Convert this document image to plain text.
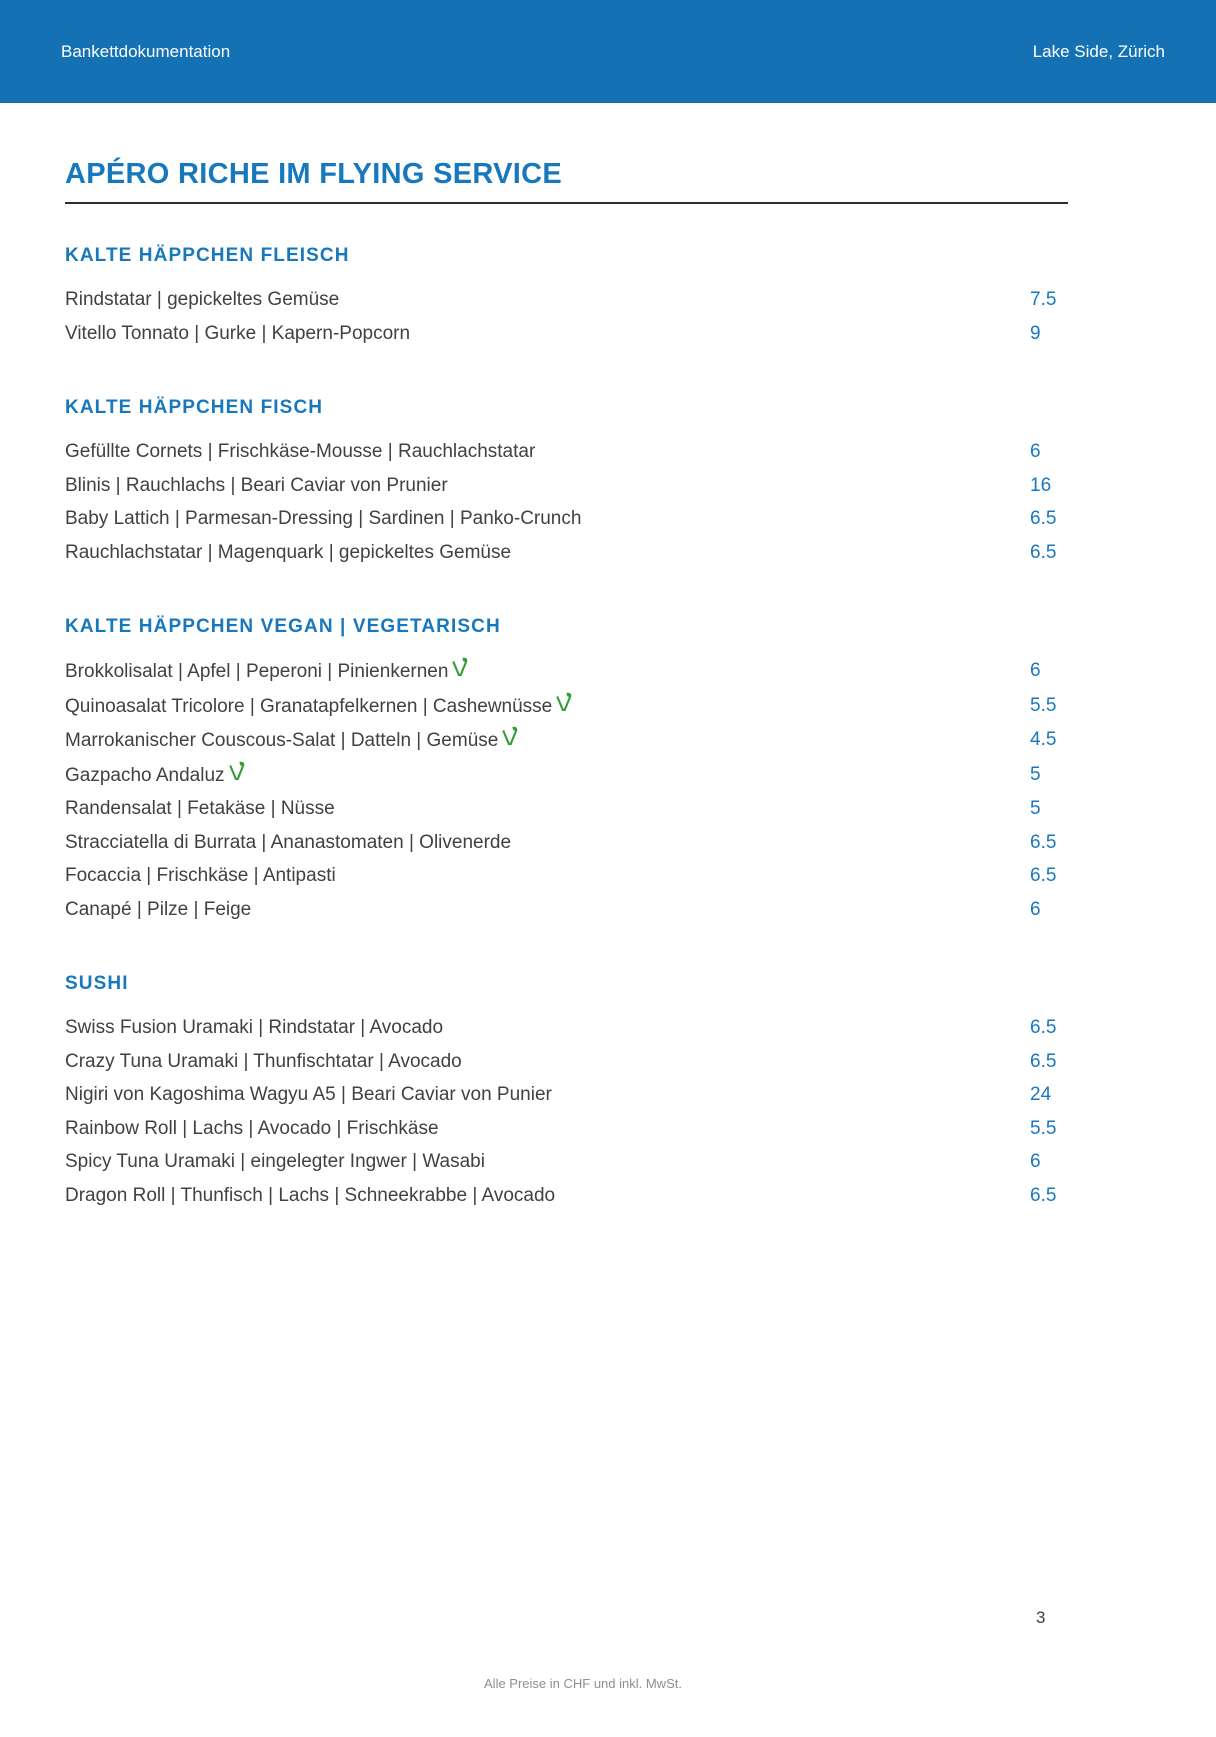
Bankettdokumentation	Lake Side, Zürich
APÉRO RICHE IM FLYING SERVICE
KALTE HÄPPCHEN FLEISCH
Rindstatar | gepickeltes Gemüse	7.5
Vitello Tonnato | Gurke | Kapern-Popcorn	9
KALTE HÄPPCHEN FISCH
Gefüllte Cornets | Frischkäse-Mousse | Rauchlachstatar	6
Blinis | Rauchlachs | Beari Caviar von Prunier	16
Baby Lattich | Parmesan-Dressing | Sardinen | Panko-Crunch	6.5
Rauchlachstatar | Magenquark | gepickeltes Gemüse	6.5
KALTE HÄPPCHEN VEGAN | VEGETARISCH
Brokkolisalat | Apfel | Peperoni | Pinienkernen	6
Quinoasalat Tricolore | Granatapfelkernen | Cashewnüsse	5.5
Marrokanischer Couscous-Salat | Datteln | Gemüse	4.5
Gazpacho Andaluz	5
Randensalat | Fetakäse | Nüsse	5
Stracciatella di Burrata | Ananastomaten | Olivenerde	6.5
Focaccia | Frischkäse | Antipasti	6.5
Canapé | Pilze | Feige	6
SUSHI
Swiss Fusion Uramaki | Rindstatar | Avocado	6.5
Crazy Tuna Uramaki | Thunfischtatar | Avocado	6.5
Nigiri von Kagoshima Wagyu A5 | Beari Caviar von Punier	24
Rainbow Roll | Lachs | Avocado | Frischkäse	5.5
Spicy Tuna Uramaki | eingelegter Ingwer | Wasabi	6
Dragon Roll | Thunfisch | Lachs | Schneekrabbe | Avocado	6.5
3
Alle Preise in CHF und inkl. MwSt.
